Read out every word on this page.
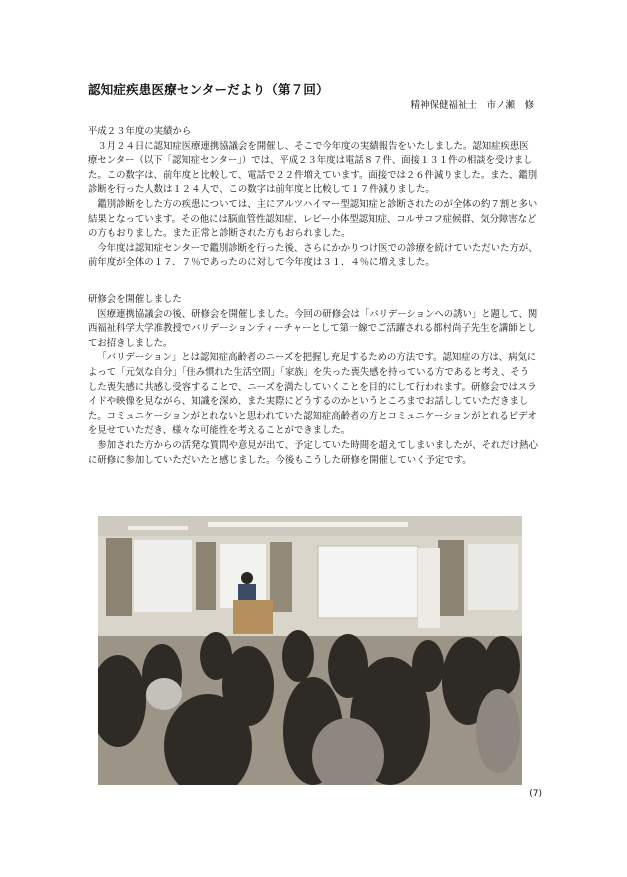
認知症疾患医療センターだより（第７回）
精神保健福祉士　市ノ瀬　修

平成２３年度の実績から

３月２４日に認知症医療連携協議会を開催し、そこで今年度の実績報告をいたしました。認知症疾患医療センター（以下「認知症センター」）では、平成２３年度は電話８７件、面接１３１件の相談を受けました。この数字は、前年度と比較して、電話で２２件増えています。面接では２６件減りました。また、鑑別診断を行った人数は１２４人で、この数字は前年度と比較して１７件減りました。

鑑別診断をした方の疾患については、主にアルツハイマー型認知症と診断されたのが全体の約７割と多い結果となっています。その他には脳血管性認知症、レビー小体型認知症、コルサコフ症候群、気分障害などの方もおりました。また正常と診断された方もおられました。

今年度は認知症センターで鑑別診断を行った後、さらにかかりつけ医での診療を続けていただいた方が、前年度が全体の１７．７％であったのに対して今年度は３１．４％に増えました。

研修会を開催しました

医療連携協議会の後、研修会を開催しました。今回の研修会は「バリデーションへの誘い」と題して、関西福祉科学大学准教授でバリデーションティーチャーとして第一線でご活躍される都村尚子先生を講師としてお招きしました。

「バリデーション」とは認知症高齢者のニーズを把握し充足するための方法です。認知症の方は、病気によって「元気な自分」「住み慣れた生活空間」「家族」を失った喪失感を持っている方であると考え、そうした喪失感に共感し受容することで、ニーズを満たしていくことを目的にして行われます。研修会ではスライドや映像を見ながら、知識を深め、また実際にどうするのかというところまでお話ししていただきました。コミュニケーションがとれないと思われていた認知症高齢者の方とコミュニケーションがとれるビデオを見せていただき、様々な可能性を考えることができました。

参加された方からの活発な質問や意見が出て、予定していた時間を超えてしまいましたが、それだけ熱心に研修に参加していただいたと感じました。今後もこうした研修を開催していく予定です。

(7)
